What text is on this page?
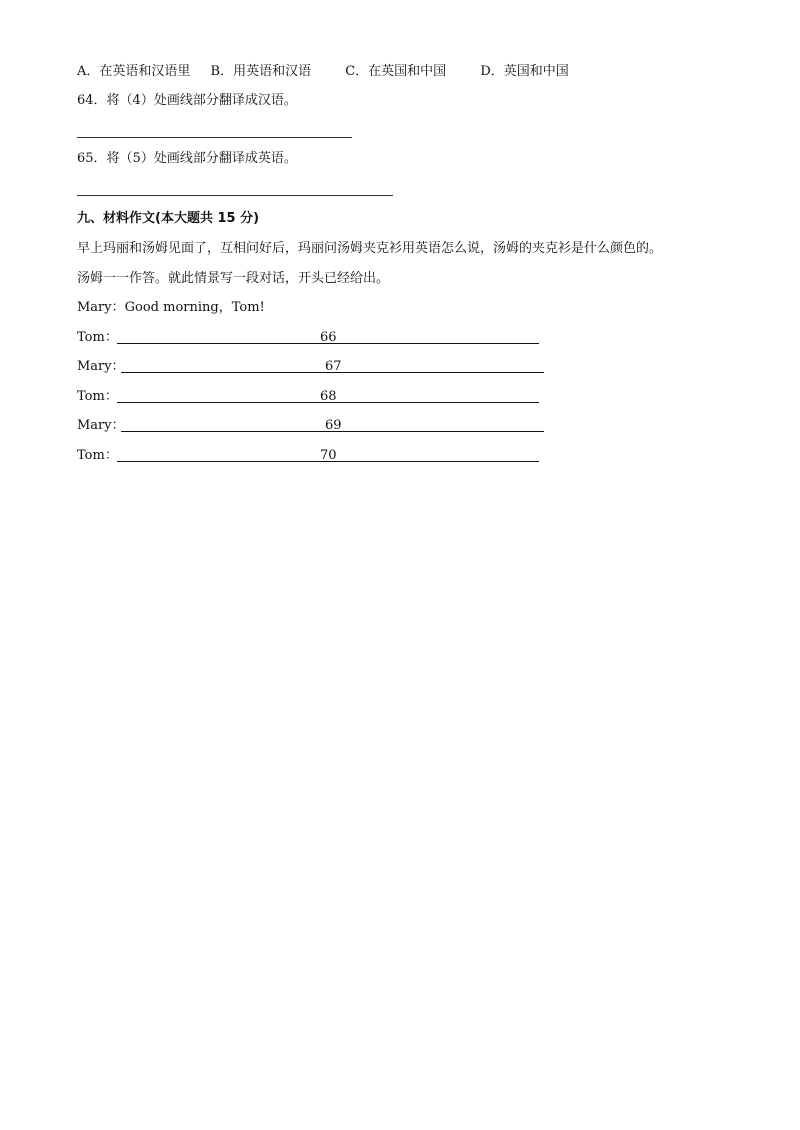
A．在英语和汉语里 B．用英语和汉语	C．在英国和中国	D．英国和中国
64．将（4）处画线部分翻译成汉语。
65．将（5）处画线部分翻译成英语。
九、材料作文(本大题共 15 分)
早上玛丽和汤姆见面了，互相问好后，玛丽问汤姆夹克衫用英语怎么说，汤姆的夹克衫是什么颜色的。
汤姆一一作答。就此情景写一段对话，开头已经给出。
Mary：Good morning，Tom!
Tom：	66
Mary：	67
Tom：	68
Mary：	69
Tom：	70
